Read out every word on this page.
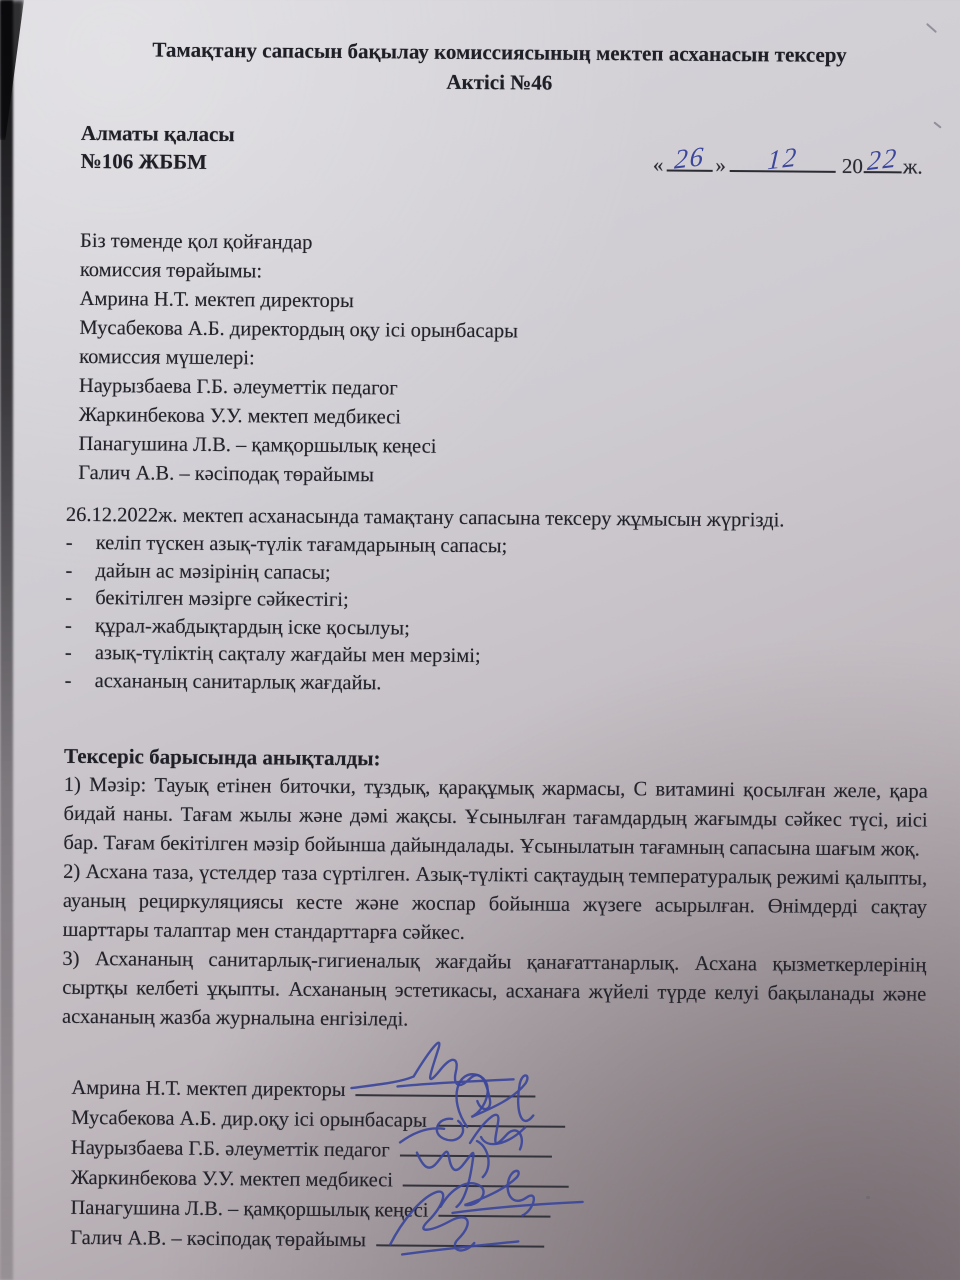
Тамақтану сапасын бақылау комиссиясының мектеп асханасын тексеру
Актісі №46
Алматы қаласы
№106 ЖББМ	« 26 » 12 20 22 ж.
Біз төменде қол қойғандар
комиссия төрайымы:
Амрина Н.Т. мектеп директоры
Мусабекова А.Б. директордың оқу ісі орынбасары
комиссия мүшелері:
Наурызбаева Г.Б. әлеуметтік педагог
Жаркинбекова У.У. мектеп медбикесі
Панагушина Л.В. – қамқоршылық кеңесі
Галич А.В. – кәсіподақ төрайымы
26.12.2022ж. мектеп асханасында тамақтану сапасына тексеру жұмысын жүргізді.
- келіп түскен азық-түлік тағамдарының сапасы;
- дайын ас мәзірінің сапасы;
- бекітілген мәзірге сәйкестігі;
- құрал-жабдықтардың іске қосылуы;
- азық-түліктің сақталу жағдайы мен мерзімі;
- асхананың санитарлық жағдайы.
Тексеріс барысында анықталды:
1) Мәзір: Тауық етінен биточки, тұздық, қарақұмық жармасы, С витамині қосылған желе, қара бидай наны. Тағам жылы және дәмі жақсы. Ұсынылған тағамдардың жағымды сәйкес түсі, иісі бар. Тағам бекітілген мәзір бойынша дайындалады. Ұсынылатын тағамның сапасына шағым жоқ.
2) Асхана таза, үстелдер таза сүртілген. Азық-түлікті сақтаудың температуралық режимі қалыпты, ауаның рециркуляциясы кесте және жоспар бойынша жүзеге асырылған. Өнімдерді сақтау шарттары талаптар мен стандарттарға сәйкес.
3) Асхананың санитарлық-гигиеналық жағдайы қанағаттанарлық. Асхана қызметкерлерінің сыртқы келбеті ұқыпты. Асхананың эстетикасы, асханаға жүйелі түрде келуі бақыланады және асхананың жазба журналына енгізіледі.
Амрина Н.Т. мектеп директоры
Мусабекова А.Б. дир.оқу ісі орынбасары
Наурызбаева Г.Б. әлеуметтік педагог
Жаркинбекова У.У. мектеп медбикесі
Панагушина Л.В. – қамқоршылық кеңесі
Галич А.В. – кәсіподақ төрайымы
